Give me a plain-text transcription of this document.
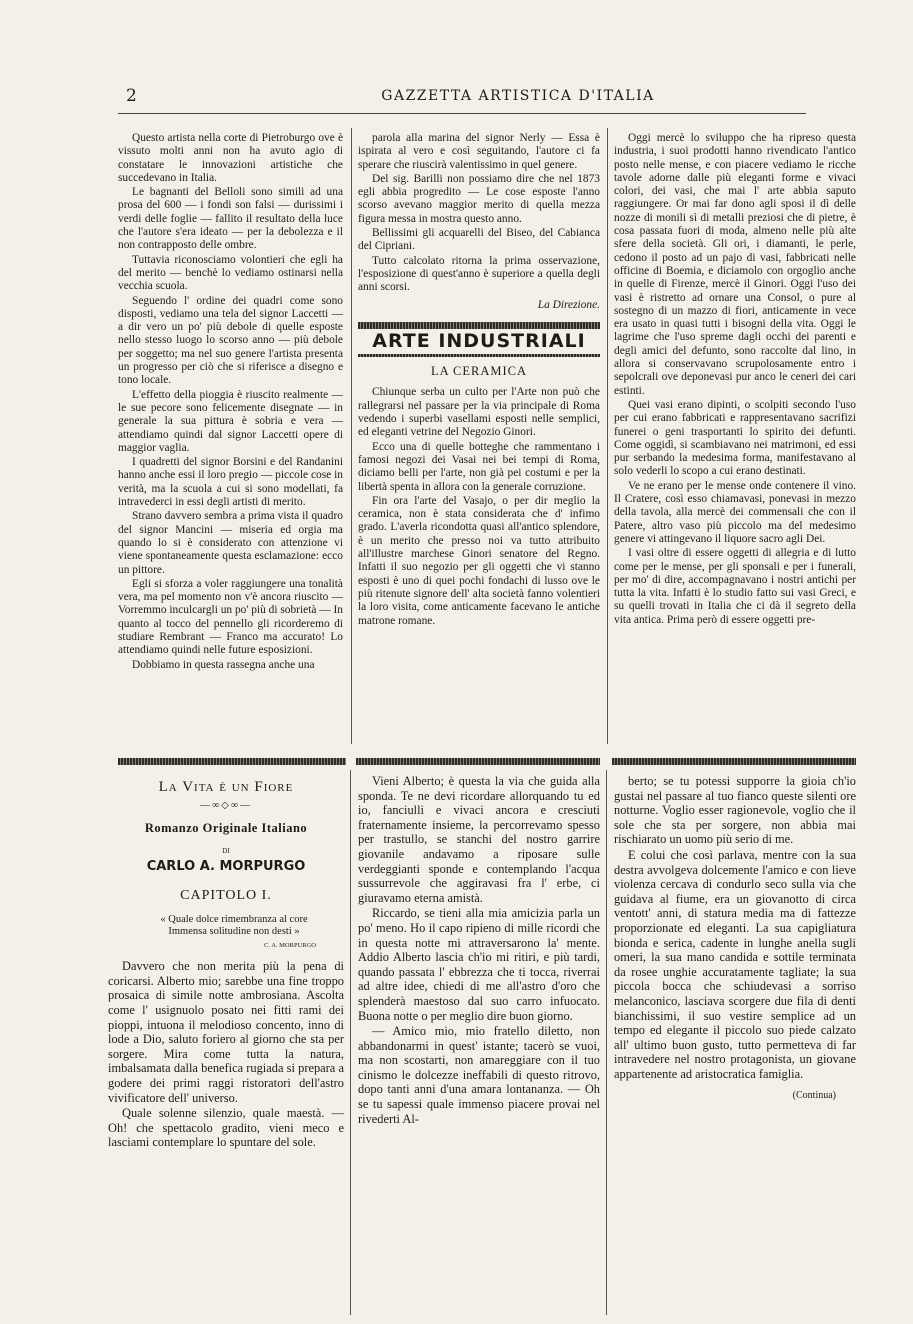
2	GAZZETTA ARTISTICA D'ITALIA

Questo artista nella corte di Pietroburgo ove è vissuto molti anni non ha avuto agio di constatare le innovazioni artistiche che succedevano in Italia.

Le bagnanti del Belloli sono simili ad una prosa del 600 — i fondi son falsi — durissimi i verdi delle foglie — fallito il resultato della luce che l'autore s'era ideato — per la debolezza e il non contrapposto delle ombre.

Tuttavia riconosciamo volontieri che egli ha del merito — benchè lo vediamo ostinarsi nella vecchia scuola.

Seguendo l' ordine dei quadri come sono disposti, vediamo una tela del signor Laccetti — a dir vero un po' più debole di quelle esposte nello stesso luogo lo scorso anno — più debole per soggetto; ma nel suo genere l'artista presenta un progresso per ciò che si riferisce a disegno e tono locale.

L'effetto della pioggia è riuscito realmente — le sue pecore sono felicemente disegnate — in generale la sua pittura è sobria e vera — attendiamo quindi dal signor Laccetti opere di maggior vaglia.

I quadretti del signor Borsini e del Randanini hanno anche essi il loro pregio — piccole cose in verità, ma la scuola a cui si sono modellati, fa intravederci in essi degli artisti di merito.

Strano davvero sembra a prima vista il quadro del signor Mancini — miseria ed orgia ma quando lo si è considerato con attenzione vi viene spontaneamente questa esclamazione: ecco un pittore.

Egli si sforza a voler raggiungere una tonalità vera, ma pel momento non v'è ancora riuscito — Vorremmo inculcargli un po' più di sobrietà — In quanto al tocco del pennello gli ricorderemo di studiare Rembrant — Franco ma accurato! Lo attendiamo quindi nelle future esposizioni.

Dobbiamo in questa rassegna anche una

parola alla marina del signor Nerly — Essa è ispirata al vero e così seguitando, l'autore ci fa sperare che riuscirà valentissimo in quel genere.

Del sig. Barilli non possiamo dire che nel 1873 egli abbia progredito — Le cose esposte l'anno scorso avevano maggior merito di quella mezza figura messa in mostra questo anno.

Bellissimi gli acquarelli del Biseo, del Cabianca del Cipriani.

Tutto calcolato ritorna la prima osservazione, l'esposizione di quest'anno è superiore a quella degli anni scorsi.

La Direzione.
ARTE INDUSTRIALI
LA CERAMICA

Chiunque serba un culto per l'Arte non può che rallegrarsi nel passare per la via principale di Roma vedendo i superbi vasellami esposti nelle semplici, ed eleganti vetrine del Negozio Ginori.

Ecco una di quelle botteghe che rammentano i famosi negozi dei Vasai nei bei tempi di Roma, diciamo belli per l'arte, non già pei costumi e per la libertà spenta in allora con la generale corruzione.

Fin ora l'arte del Vasajo, o per dir meglio la ceramica, non è stata considerata che d' infimo grado. L'averla ricondotta quasi all'antico splendore, è un merito che presso noi va tutto attribuito all'illustre marchese Ginori senatore del Regno. Infatti il suo negozio per gli oggetti che vi stanno esposti è uno di quei pochi fondachi di lusso ove le più ritenute signore dell' alta società fanno volentieri la loro visita, come anticamente facevano le antiche matrone romane.

Oggi mercè lo sviluppo che ha ripreso questa industria, i suoi prodotti hanno rivendicato l'antico posto nelle mense, e con piacere vediamo le ricche tavole adorne dalle più eleganti forme e vivaci colori, dei vasi, che mai l' arte abbia saputo raggiungere. Or mai far dono agli sposi il dì delle nozze di monili sì di metalli preziosi che di pietre, è cosa passata fuori di moda, almeno nelle più alte sfere della società. Gli ori, i diamanti, le perle, cedono il posto ad un pajo di vasi, fabbricati nelle officine di Boemia, e diciamolo con orgoglio anche in quelle di Firenze, mercè il Ginori. Oggi l'uso dei vasi è ristretto ad ornare una Consol, o pure al sostegno di un mazzo di fiori, anticamente in vece era usato in quasi tutti i bisogni della vita. Oggi le lagrime che l'uso spreme dagli occhi dei parenti e degli amici del defunto, sono raccolte dal lino, in allora si conservavano scrupolosamente entro i sepolcrali ove deponevasi pur anco le ceneri dei cari estinti.

Quei vasi erano dipinti, o scolpiti secondo l'uso per cui erano fabbricati e rappresentavano sacrifizi funerei o geni trasportanti lo spirito dei defunti. Come oggidì, si scambiavano nei matrimoni, ed essi pur serbando la medesima forma, manifestavano al solo vederli lo scopo a cui erano destinati.

Ve ne erano per le mense onde contenere il vino. Il Cratere, così esso chiamavasi, ponevasi in mezzo della tavola, alla mercè dei commensali che con il Patere, altro vaso più piccolo ma del medesimo genere vi attingevano il liquore sacro agli Dei.

I vasi oltre di essere oggetti di allegria e di lutto come per le mense, per gli sponsali e per i funerali, per mo' di dire, accompagnavano i nostri antichi per tutta la vita. Infatti è lo studio fatto sui vasi Greci, e su quelli trovati in Italia che ci dà il segreto della vita antica. Prima però di essere oggetti pre-

La Vita è un Fiore
—∞◇∞—
Romanzo Originale Italiano
DI
CARLO A. MORPURGO
CAPITOLO I.
« Quale dolce rimembranza al core
Immensa solitudine non desti »
C. A. MORPURGO

Davvero che non merita più la pena di coricarsi. Alberto mio; sarebbe una fine troppo prosaica di simile notte ambrosiana. Ascolta come l' usignuolo posato nei fitti rami dei pioppi, intuona il melodioso concento, inno di lode a Dio, saluto foriero al giorno che sta per sorgere. Mira come tutta la natura, imbalsamata dalla benefica rugiada si prepara a godere dei primi raggi ristoratori dell'astro vivificatore dell' universo.

Quale solenne silenzio, quale maestà. — Oh! che spettacolo gradito, vieni meco e lasciami contemplare lo spuntare del sole.

Vieni Alberto; è questa la via che guida alla sponda. Te ne devi ricordare allorquando tu ed io, fanciulli e vivaci ancora e cresciuti fraternamente insieme, la percorrevamo spesso per trastullo, se stanchi del nostro garrire giovanile andavamo a riposare sulle verdeggianti sponde e contemplando l'acqua sussurrevole che aggiravasi fra l' erbe, ci giuravamo eterna amistà.

Riccardo, se tieni alla mia amicizia parla un po' meno. Ho il capo ripieno di mille ricordi che in questa notte mi attraversarono la' mente. Addio Alberto lascia ch'io mi ritiri, e più tardi, quando passata l' ebbrezza che ti tocca, riverrai ad altre idee, chiedi di me all'astro d'oro che splenderà maestoso dal suo carro infuocato. Buona notte o per meglio dire buon giorno.

— Amico mio, mio fratello diletto, non abbandonarmi in quest' istante; tacerò se vuoi, ma non scostarti, non amareggiare con il tuo cinismo le dolcezze ineffabili di questo ritrovo, dopo tanti anni d'una amara lontananza. — Oh se tu sapessi quale immenso piacere provai nel rivederti Al-

berto; se tu potessi supporre la gioia ch'io gustai nel passare al tuo fianco queste silenti ore notturne. Voglio esser ragionevole, voglio che il sole che sta per sorgere, non abbia mai rischiarato un uomo più serio di me.

E colui che così parlava, mentre con la sua destra avvolgeva dolcemente l'amico e con lieve violenza cercava di condurlo seco sulla via che guidava al fiume, era un giovanotto di circa ventott' anni, di statura media ma di fattezze proporzionate ed eleganti. La sua capigliatura bionda e serica, cadente in lunghe anella sugli omeri, la sua mano candida e sottile terminata da rosee unghie accuratamente tagliate; la sua piccola bocca che schiudevasi a sorriso melanconico, lasciava scorgere due fila di denti bianchissimi, il suo vestire semplice ad un tempo ed elegante il piccolo suo piede calzato all' ultimo buon gusto, tutto permetteva di far intravedere nel nostro protagonista, un giovane appartenente ad aristocratica famiglia.

(Continua)
